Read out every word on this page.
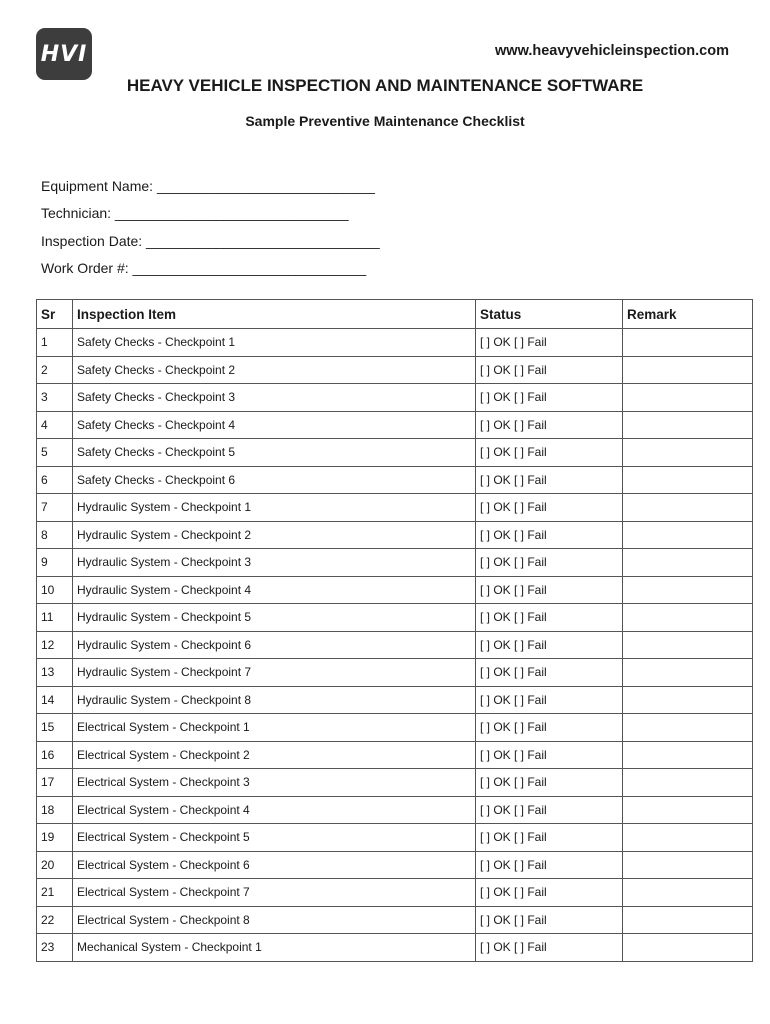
HVI	www.heavyvehicleinspection.com
HEAVY VEHICLE INSPECTION AND MAINTENANCE SOFTWARE
Sample Preventive Maintenance Checklist
Equipment Name: ____________________________
Technician: ______________________________
Inspection Date: ______________________________
Work Order #: ______________________________
Sr	Inspection Item	Status	Remark
1	Safety Checks - Checkpoint 1	[ ] OK [ ] Fail	
2	Safety Checks - Checkpoint 2	[ ] OK [ ] Fail	
3	Safety Checks - Checkpoint 3	[ ] OK [ ] Fail	
4	Safety Checks - Checkpoint 4	[ ] OK [ ] Fail	
5	Safety Checks - Checkpoint 5	[ ] OK [ ] Fail	
6	Safety Checks - Checkpoint 6	[ ] OK [ ] Fail	
7	Hydraulic System - Checkpoint 1	[ ] OK [ ] Fail	
8	Hydraulic System - Checkpoint 2	[ ] OK [ ] Fail	
9	Hydraulic System - Checkpoint 3	[ ] OK [ ] Fail	
10	Hydraulic System - Checkpoint 4	[ ] OK [ ] Fail	
11	Hydraulic System - Checkpoint 5	[ ] OK [ ] Fail	
12	Hydraulic System - Checkpoint 6	[ ] OK [ ] Fail	
13	Hydraulic System - Checkpoint 7	[ ] OK [ ] Fail	
14	Hydraulic System - Checkpoint 8	[ ] OK [ ] Fail	
15	Electrical System - Checkpoint 1	[ ] OK [ ] Fail	
16	Electrical System - Checkpoint 2	[ ] OK [ ] Fail	
17	Electrical System - Checkpoint 3	[ ] OK [ ] Fail	
18	Electrical System - Checkpoint 4	[ ] OK [ ] Fail	
19	Electrical System - Checkpoint 5	[ ] OK [ ] Fail	
20	Electrical System - Checkpoint 6	[ ] OK [ ] Fail	
21	Electrical System - Checkpoint 7	[ ] OK [ ] Fail	
22	Electrical System - Checkpoint 8	[ ] OK [ ] Fail	
23	Mechanical System - Checkpoint 1	[ ] OK [ ] Fail	
